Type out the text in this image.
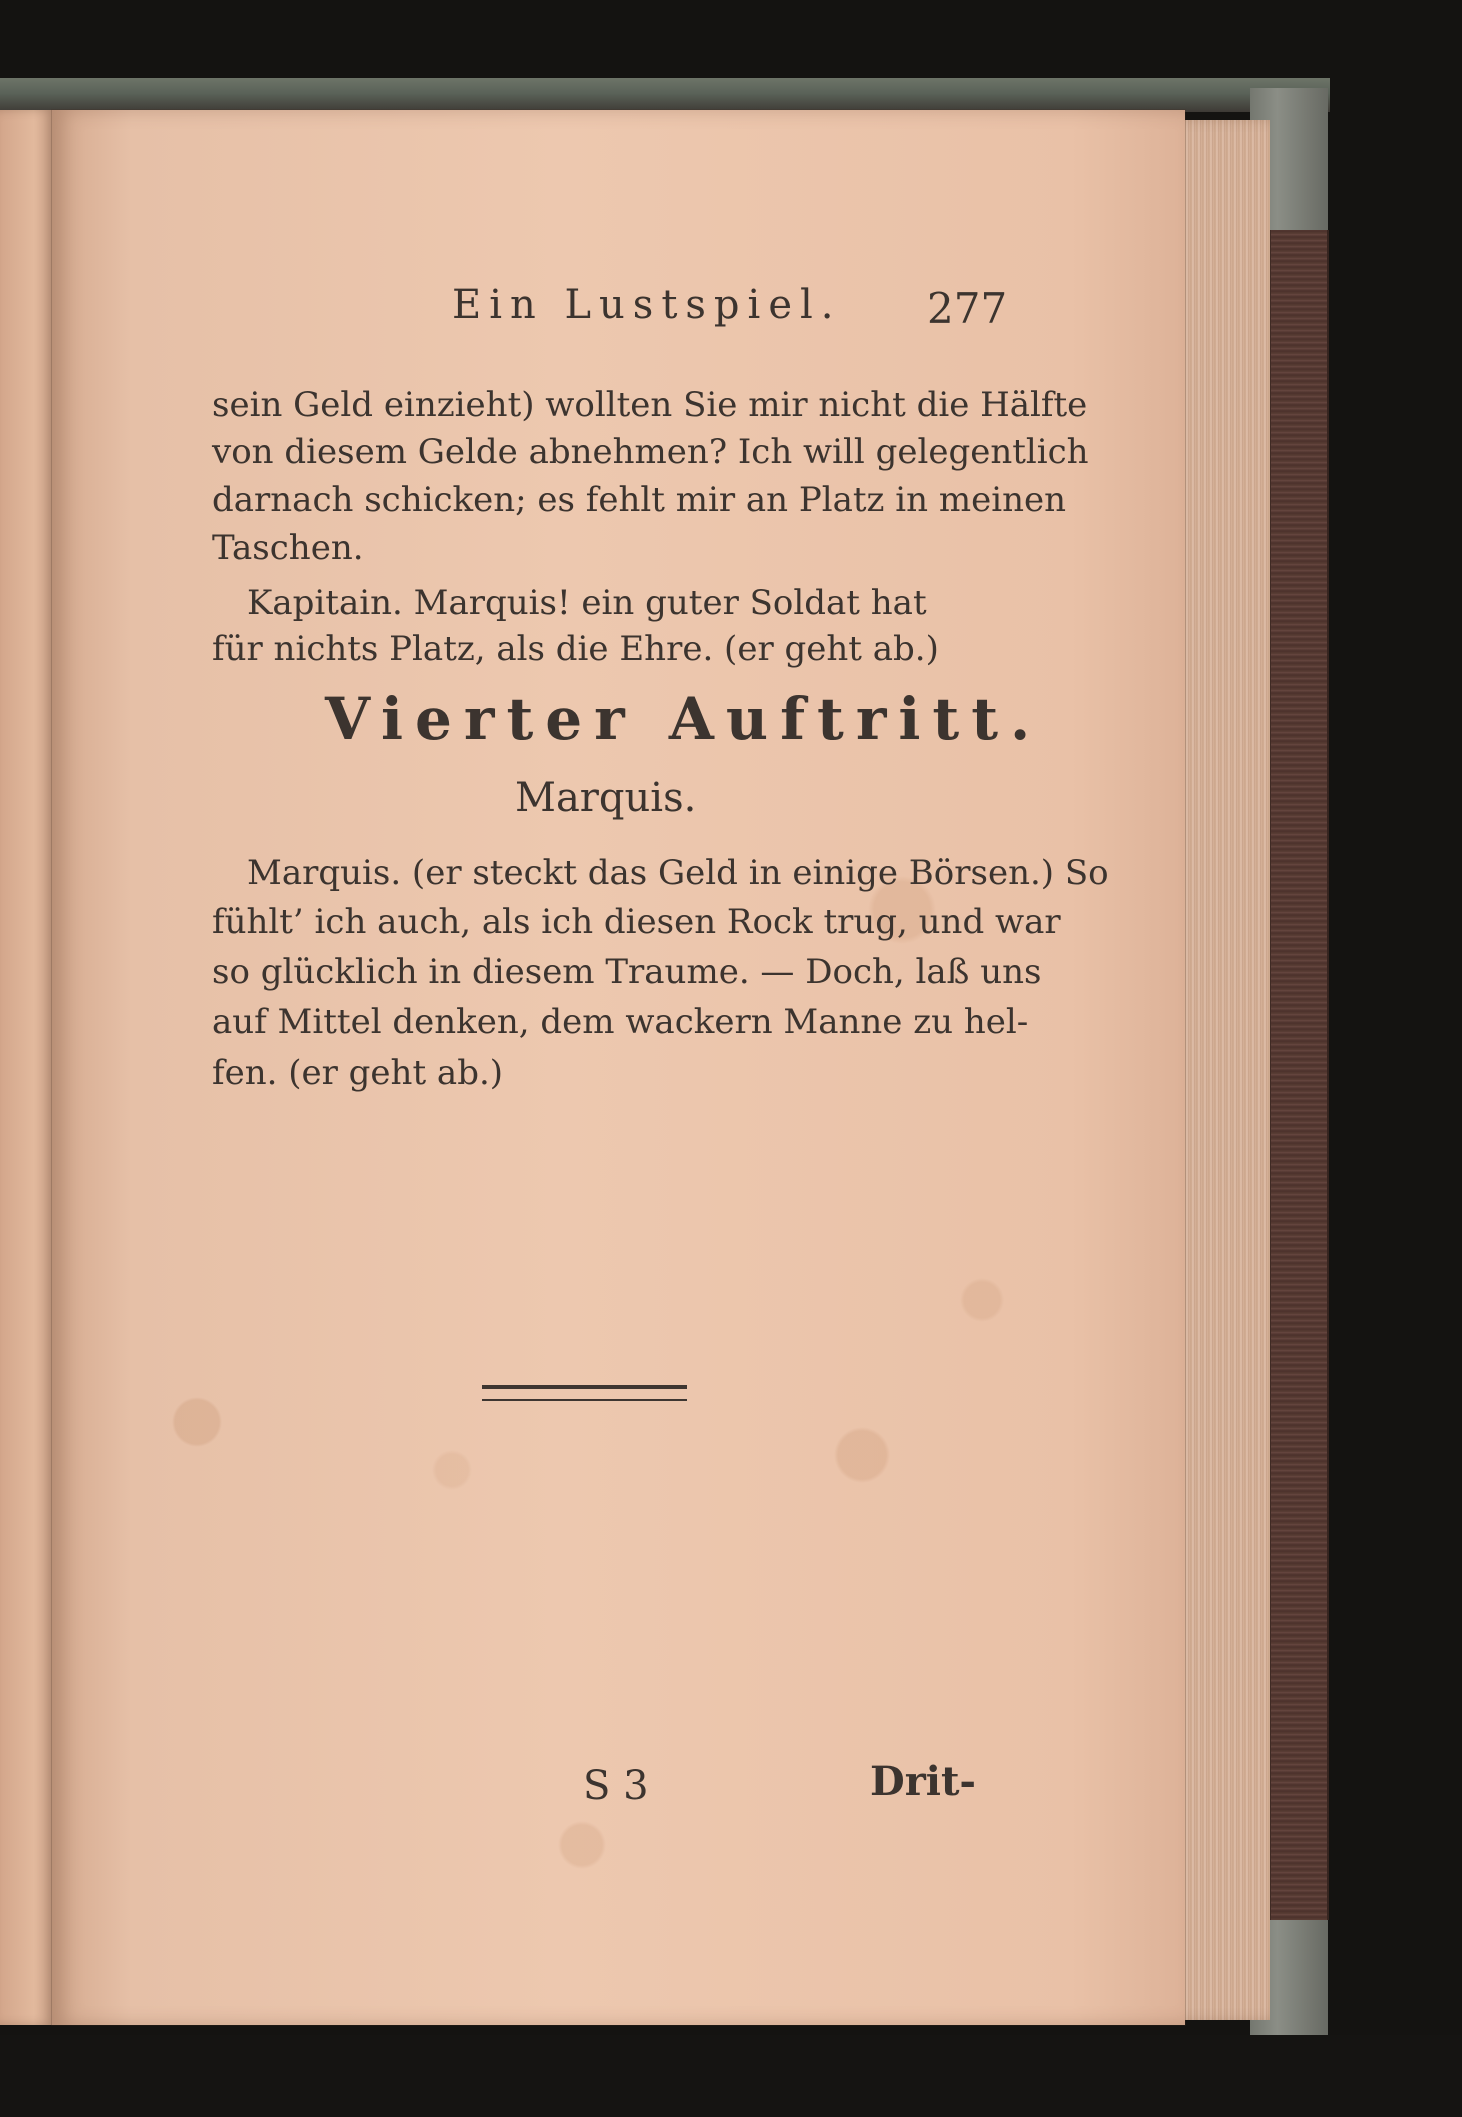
Ein Lustspiel. 277
sein Geld einzieht) wollten Sie mir nicht die Hälfte
von diesem Gelde abnehmen? Ich will gelegentlich
darnach schicken; es fehlt mir an Platz in meinen
Taschen.
Kapitain. Marquis! ein guter Soldat hat
für nichts Platz, als die Ehre. (er geht ab.)
Vierter Auftritt.
Marquis.
Marquis. (er steckt das Geld in einige Börsen.) So
fühlt’ ich auch, als ich diesen Rock trug, und war
so glücklich in diesem Traume. — Doch, laß uns
auf Mittel denken, dem wackern Manne zu hel-
fen. (er geht ab.)
S 3	Drit-
